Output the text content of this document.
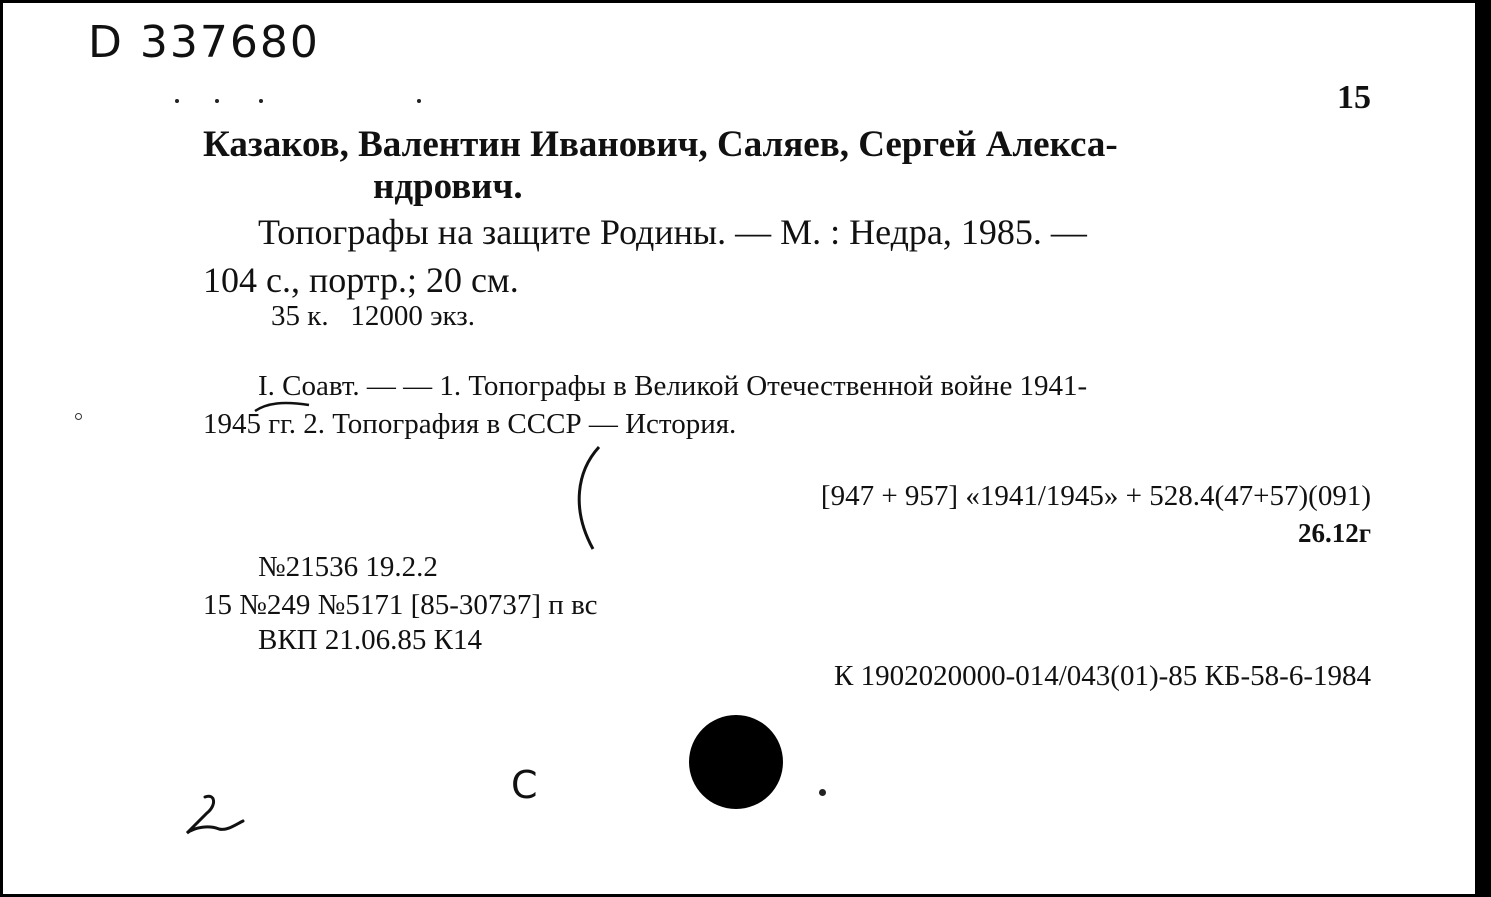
D 337680
15
Казаков, Валентин Иванович, Саляев, Сергей Алекса-
ндрович.
Топографы на защите Родины. — М. : Недра, 1985. —
104 с., портр.; 20 см.
35 к.   12000 экз.
I. Соавт. — — 1. Топографы в Великой Отечественной войне 1941-
1945 гг. 2. Топография в СССР — История.
[947 + 957] «1941/1945» + 528.4(47+57)(091)
26.12г
№21536 19.2.2
15 №249 №5171 [85-30737] п вс
ВКП 21.06.85 К14
К 1902020000-014/043(01)-85 КБ-58-6-1984
С
